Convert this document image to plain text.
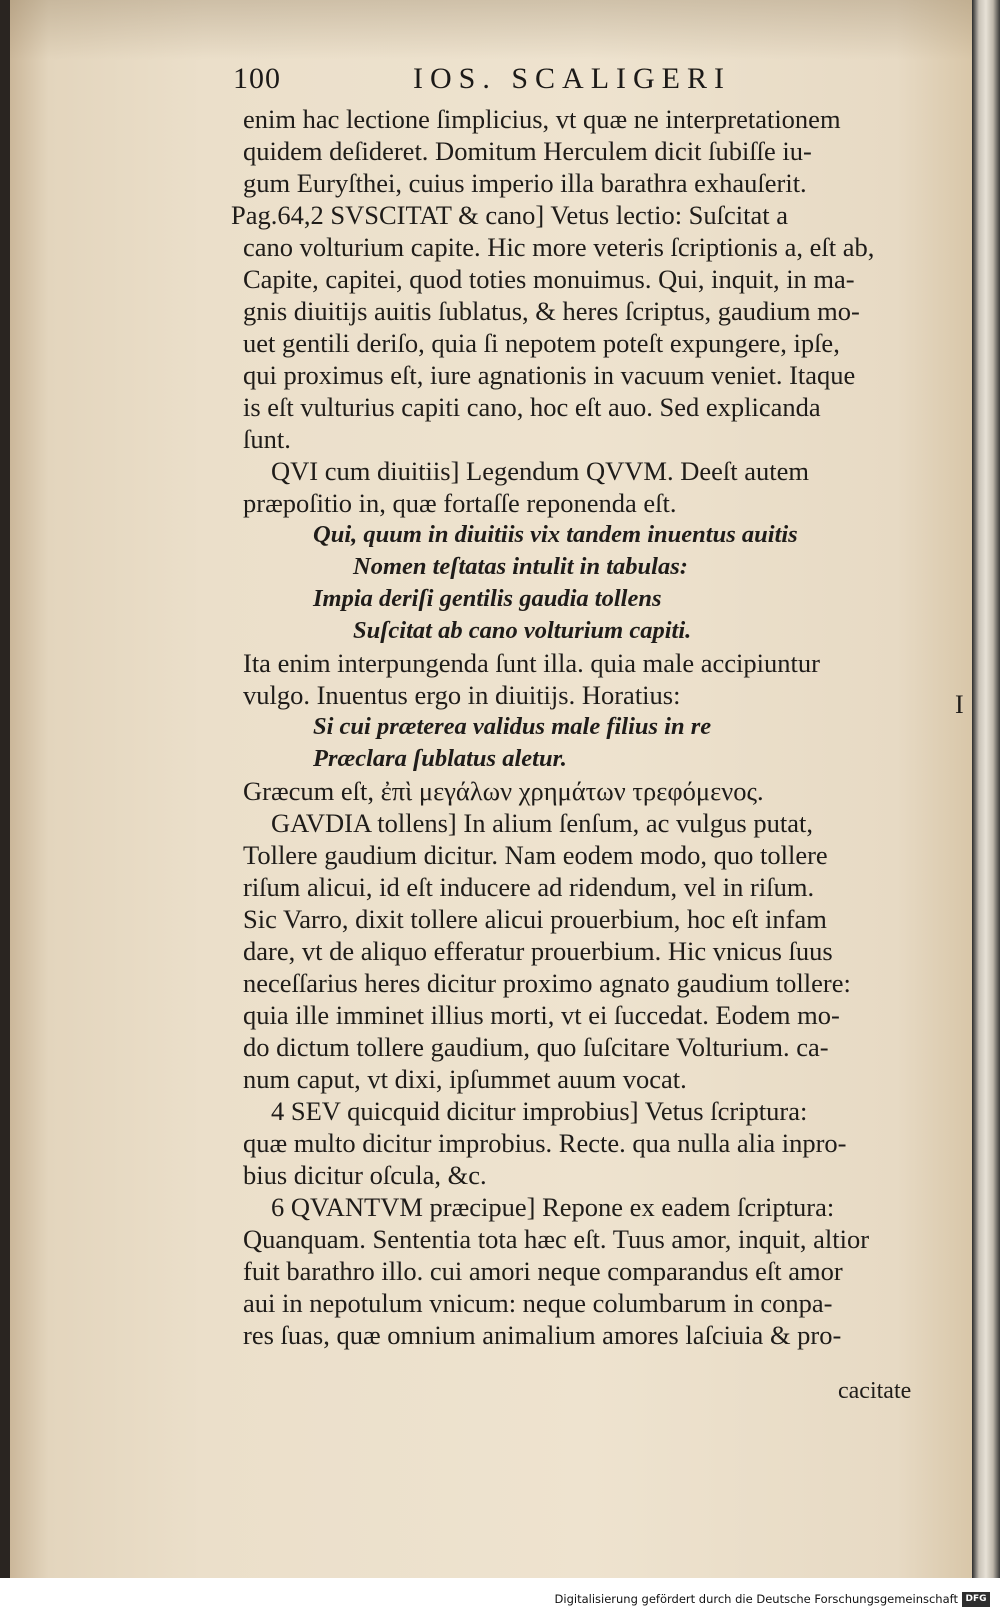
100	IOS. SCALIGERI
enim hac lectione ſimplicius, vt quæ ne interpretationem
quidem deſideret. Domitum Herculem dicit ſubiſſe iu-
gum Euryſthei, cuius imperio illa barathra exhauſerit.
Pag.64,2 SVSCITAT & cano] Vetus lectio: Suſcitat a
cano volturium capite. Hic more veteris ſcriptionis a, eſt ab,
Capite, capitei, quod toties monuimus. Qui, inquit, in ma-
gnis diuitijs auitis ſublatus, & heres ſcriptus, gaudium mo-
uet gentili deriſo, quia ſi nepotem poteſt expungere, ipſe,
qui proximus eſt, iure agnationis in vacuum veniet. Itaque
is eſt vulturius capiti cano, hoc eſt auo. Sed explicanda
ſunt.
QVI cum diuitiis] Legendum QVVM. Deeſt autem
præpoſitio in, quæ fortaſſe reponenda eſt.
Qui, quum in diuitiis vix tandem inuentus auitis
Nomen teſtatas intulit in tabulas:
Impia deriſi gentilis gaudia tollens
Suſcitat ab cano volturium capiti.
Ita enim interpungenda ſunt illa. quia male accipiuntur
vulgo. Inuentus ergo in diuitijs. Horatius:
Si cui præterea validus male filius in re
Præclara ſublatus aletur.
Græcum eſt, ἐπὶ μεγάλων χρημάτων τρεφόμενος.
GAVDIA tollens] In alium ſenſum, ac vulgus putat,
Tollere gaudium dicitur. Nam eodem modo, quo tollere
riſum alicui, id eſt inducere ad ridendum, vel in riſum.
Sic Varro, dixit tollere alicui prouerbium, hoc eſt infam
dare, vt de aliquo efferatur prouerbium. Hic vnicus ſuus
neceſſarius heres dicitur proximo agnato gaudium tollere:
quia ille imminet illius morti, vt ei ſuccedat. Eodem mo-
do dictum tollere gaudium, quo ſuſcitare Volturium. ca-
num caput, vt dixi, ipſummet auum vocat.
4 SEV quicquid dicitur improbius] Vetus ſcriptura:
quæ multo dicitur improbius. Recte. qua nulla alia inpro-
bius dicitur oſcula, &c.
6 QVANTVM præcipue] Repone ex eadem ſcriptura:
Quanquam. Sententia tota hæc eſt. Tuus amor, inquit, altior
fuit barathro illo. cui amori neque comparandus eſt amor
aui in nepotulum vnicum: neque columbarum in conpa-
res ſuas, quæ omnium animalium amores laſciuia & pro-
cacitate
I
Digitalisierung gefördert durch die Deutsche Forschungsgemeinschaft DFG
